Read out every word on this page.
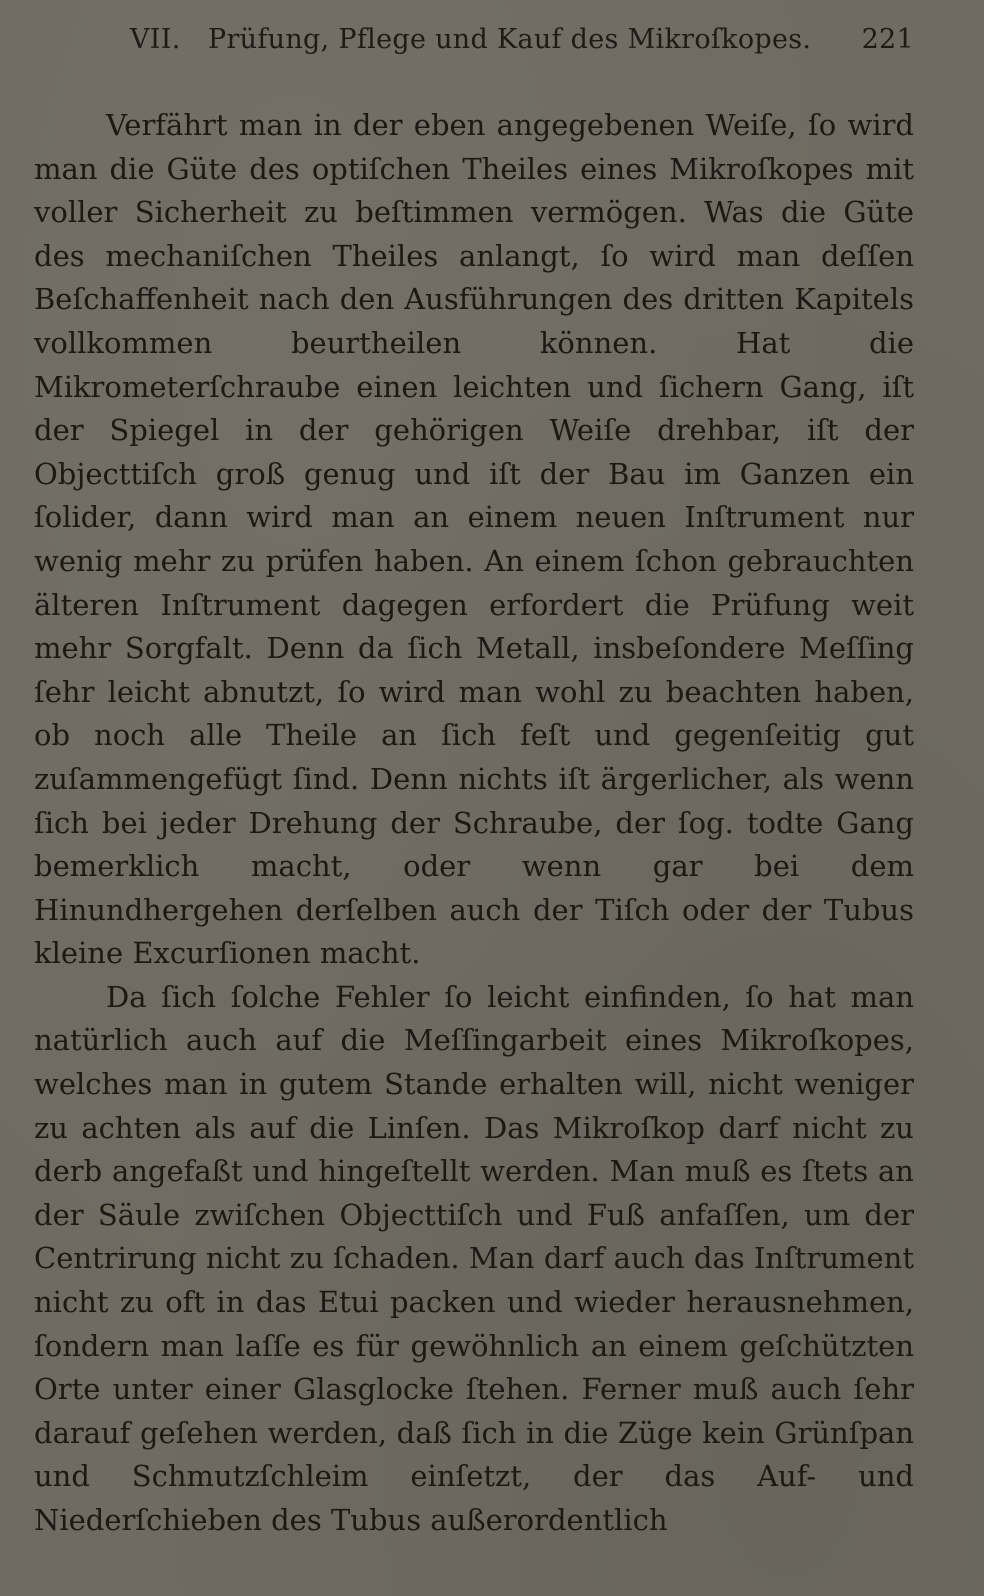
VII. Prüfung, Pflege und Kauf des Mikroſkopes. 221

Verfährt man in der eben angegebenen Weiſe, ſo wird man die Güte des optiſchen Theiles eines Mikroſkopes mit voller Sicherheit zu beſtimmen vermögen. Was die Güte des mechaniſchen Theiles anlangt, ſo wird man deſſen Beſchaffenheit nach den Ausführungen des dritten Kapitels vollkommen beurtheilen können. Hat die Mikrometerſchraube einen leichten und ſichern Gang, iſt der Spiegel in der gehörigen Weiſe drehbar, iſt der Objecttiſch groß genug und iſt der Bau im Ganzen ein ſolider, dann wird man an einem neuen Inſtrument nur wenig mehr zu prüfen haben. An einem ſchon gebrauchten älteren Inſtrument dagegen erfordert die Prüfung weit mehr Sorgfalt. Denn da ſich Metall, insbeſondere Meſſing ſehr leicht abnutzt, ſo wird man wohl zu beachten haben, ob noch alle Theile an ſich feſt und gegenſeitig gut zuſammengefügt ſind. Denn nichts iſt ärgerlicher, als wenn ſich bei jeder Drehung der Schraube, der ſog. todte Gang bemerklich macht, oder wenn gar bei dem Hinundhergehen derſelben auch der Tiſch oder der Tubus kleine Excurſionen macht.

Da ſich ſolche Fehler ſo leicht einfinden, ſo hat man natürlich auch auf die Meſſingarbeit eines Mikroſkopes, welches man in gutem Stande erhalten will, nicht weniger zu achten als auf die Linſen. Das Mikroſkop darf nicht zu derb angefaßt und hingeſtellt werden. Man muß es ſtets an der Säule zwiſchen Objecttiſch und Fuß anfaſſen, um der Centrirung nicht zu ſchaden. Man darf auch das Inſtrument nicht zu oft in das Etui packen und wieder herausnehmen, ſondern man laſſe es für gewöhnlich an einem geſchützten Orte unter einer Glasglocke ſtehen. Ferner muß auch ſehr darauf geſehen werden, daß ſich in die Züge kein Grünſpan und Schmutzſchleim einſetzt, der das Auf- und Niederſchieben des Tubus außerordentlich
